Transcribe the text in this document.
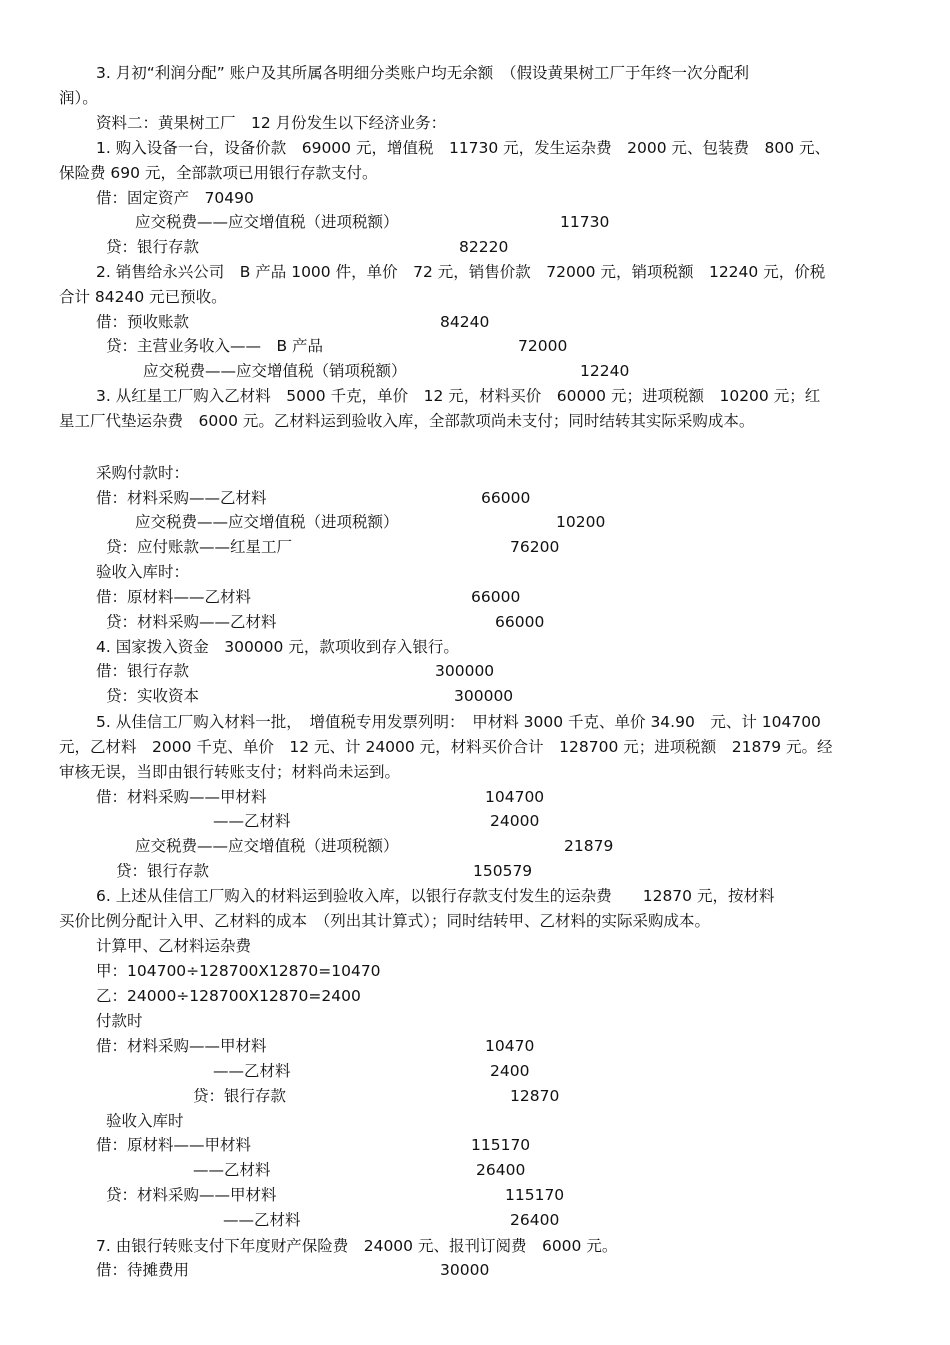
3. 月初“利润分配” 账户及其所属各明细分类账户均无余额　（假设黄果树工厂于年终一次分配利
润）。
资料二：黄果树工厂　12 月份发生以下经济业务：
1. 购入设备一台，设备价款　69000 元，增值税　11730 元，发生运杂费　2000 元、包装费　800 元、
保险费 690 元，全部款项已用银行存款支付。
借：固定资产　70490
应交税费——应交增值税（进项税额）	11730
贷：银行存款	82220
2. 销售给永兴公司　B 产品 1000 件，单价　72 元，销售价款　72000 元，销项税额　12240 元，价税
合计 84240 元已预收。
借：预收账款	84240
贷：主营业务收入——　B 产品	72000
应交税费——应交增值税（销项税额）	12240
3. 从红星工厂购入乙材料　5000 千克，单价　12 元，材料买价　60000 元；进项税额　10200 元；红
星工厂代垫运杂费　6000 元。乙材料运到验收入库，全部款项尚未支付；同时结转其实际采购成本。
采购付款时：
借：材料采购——乙材料	66000
应交税费——应交增值税（进项税额）	10200
贷：应付账款——红星工厂	76200
验收入库时：
借：原材料——乙材料	66000
贷：材料采购——乙材料	66000
4. 国家拨入资金　300000 元，款项收到存入银行。
借：银行存款	300000
贷：实收资本	300000
5. 从佳信工厂购入材料一批，　增值税专用发票列明：　甲材料 3000 千克、单价 34.90　元、计 104700
元，乙材料　2000 千克、单价　12 元、计 24000 元，材料买价合计　128700 元；进项税额　21879 元。经
审核无误，当即由银行转账支付；材料尚未运到。
借：材料采购——甲材料	104700
——乙材料	24000
应交税费——应交增值税（进项税额）	21879
贷：银行存款	150579
6. 上述从佳信工厂购入的材料运到验收入库，以银行存款支付发生的运杂费　　12870 元，按材料
买价比例分配计入甲、乙材料的成本　（列出其计算式）；同时结转甲、乙材料的实际采购成本。
计算甲、乙材料运杂费
甲：104700÷128700X12870=10470
乙：24000÷128700X12870=2400
付款时
借：材料采购——甲材料	10470
——乙材料	2400
贷：银行存款	12870
验收入库时
借：原材料——甲材料	115170
——乙材料	26400
贷：材料采购——甲材料	115170
——乙材料	26400
7. 由银行转账支付下年度财产保险费　24000 元、报刊订阅费　6000 元。
借：待摊费用	30000
